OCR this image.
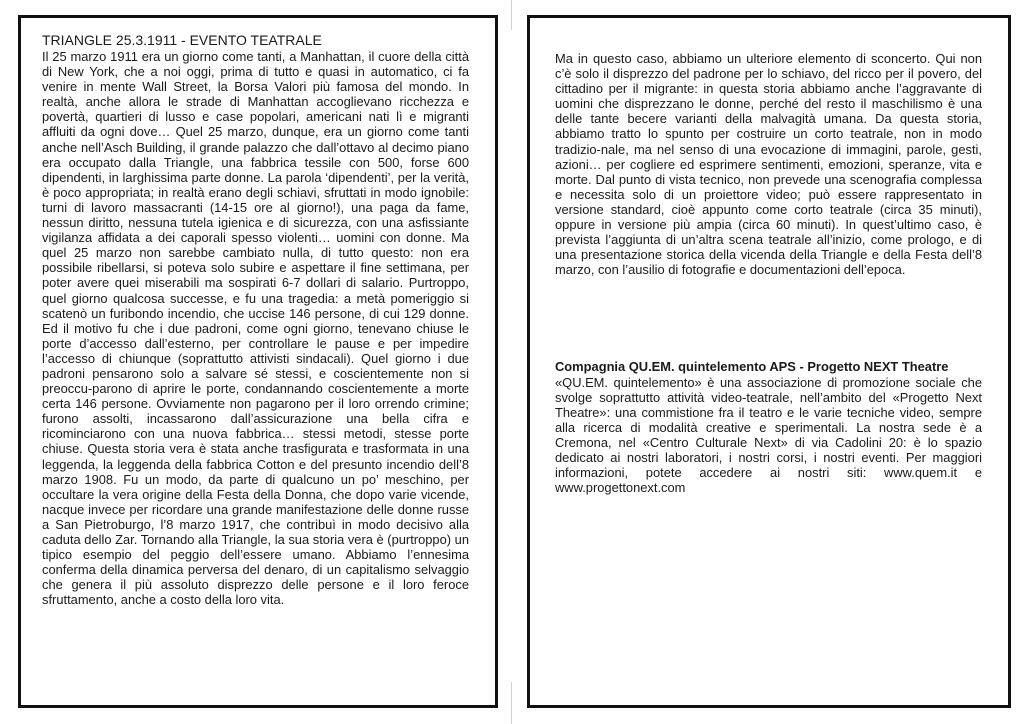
TRIANGLE 25.3.1911 - EVENTO TEATRALE

Il 25 marzo 1911 era un giorno come tanti, a Manhattan, il cuore della città di New York, che a noi oggi, prima di tutto e quasi in automatico, ci fa venire in mente Wall Street, la Borsa Valori più famosa del mondo. In realtà, anche allora le strade di Manhattan accoglievano ricchezza e povertà, quartieri di lusso e case popolari, americani nati lì e migranti affluiti da ogni dove… Quel 25 marzo, dunque, era un giorno come tanti anche nell’Asch Building, il grande palazzo che dall’ottavo al decimo piano era occupato dalla Triangle, una fabbrica tessile con 500, forse 600 dipendenti, in larghissima parte donne. La parola ‘dipendenti’, per la verità, è poco appropriata; in realtà erano degli schiavi, sfruttati in modo ignobile: turni di lavoro massacranti (14-15 ore al giorno!), una paga da fame, nessun diritto, nessuna tutela igienica e di sicurezza, con una asfissiante vigilanza affidata a dei caporali spesso violenti… uomini con donne. Ma quel 25 marzo non sarebbe cambiato nulla, di tutto questo: non era possibile ribellarsi, si poteva solo subire e aspettare il fine settimana, per poter avere quei miserabili ma sospirati 6-7 dollari di salario. Purtroppo, quel giorno qualcosa successe, e fu una tragedia: a metà pomeriggio si scatenò un furibondo incendio, che uccise 146 persone, di cui 129 donne. Ed il motivo fu che i due padroni, come ogni giorno, tenevano chiuse le porte d’accesso dall’esterno, per controllare le pause e per impedire l’accesso di chiunque (soprattutto attivisti sindacali). Quel giorno i due padroni pensarono solo a salvare sé stessi, e coscientemente non si preoccu-parono di aprire le porte, condannando coscientemente a morte certa 146 persone. Ovviamente non pagarono per il loro orrendo crimine; furono assolti, incassarono dall’assicurazione una bella cifra e ricominciarono con una nuova fabbrica… stessi metodi, stesse porte chiuse. Questa storia vera è stata anche trasfigurata e trasformata in una leggenda, la leggenda della fabbrica Cotton e del presunto incendio dell’8 marzo 1908. Fu un modo, da parte di qualcuno un po’ meschino, per occultare la vera origine della Festa della Donna, che dopo varie vicende, nacque invece per ricordare una grande manifestazione delle donne russe a San Pietroburgo, l’8 marzo 1917, che contribuì in modo decisivo alla caduta dello Zar. Tornando alla Triangle, la sua storia vera è (purtroppo) un tipico esempio del peggio dell’essere umano. Abbiamo l’ennesima conferma della dinamica perversa del denaro, di un capitalismo selvaggio che genera il più assoluto disprezzo delle persone e il loro feroce sfruttamento, anche a costo della loro vita.

Ma in questo caso, abbiamo un ulteriore elemento di sconcerto. Qui non c’è solo il disprezzo del padrone per lo schiavo, del ricco per il povero, del cittadino per il migrante: in questa storia abbiamo anche l’aggravante di uomini che disprezzano le donne, perché del resto il maschilismo è una delle tante becere varianti della malvagità umana. Da questa storia, abbiamo tratto lo spunto per costruire un corto teatrale, non in modo tradizio-nale, ma nel senso di una evocazione di immagini, parole, gesti, azioni… per cogliere ed esprimere sentimenti, emozioni, speranze, vita e morte. Dal punto di vista tecnico, non prevede una scenografia complessa e necessita solo di un proiettore video; può essere rappresentato in versione standard, cioè appunto come corto teatrale (circa 35 minuti), oppure in versione più ampia (circa 60 minuti). In quest’ultimo caso, è prevista l’aggiunta di un’altra scena teatrale all’inizio, come prologo, e di una presentazione storica della vicenda della Triangle e della Festa dell’8 marzo, con l’ausilio di fotografie e documentazioni dell’epoca.

Compagnia QU.EM. quintelemento APS - Progetto NEXT Theatre

«QU.EM. quintelemento» è una associazione di promozione sociale che svolge soprattutto attività video-teatrale, nell’ambito del «Progetto Next Theatre»: una commistione fra il teatro e le varie tecniche video, sempre alla ricerca di modalità creative e sperimentali. La nostra sede è a Cremona, nel «Centro Culturale Next» di via Cadolini 20: è lo spazio dedicato ai nostri laboratori, i nostri corsi, i nostri eventi. Per maggiori informazioni, potete accedere ai nostri siti: www.quem.it e www.progettonext.com
